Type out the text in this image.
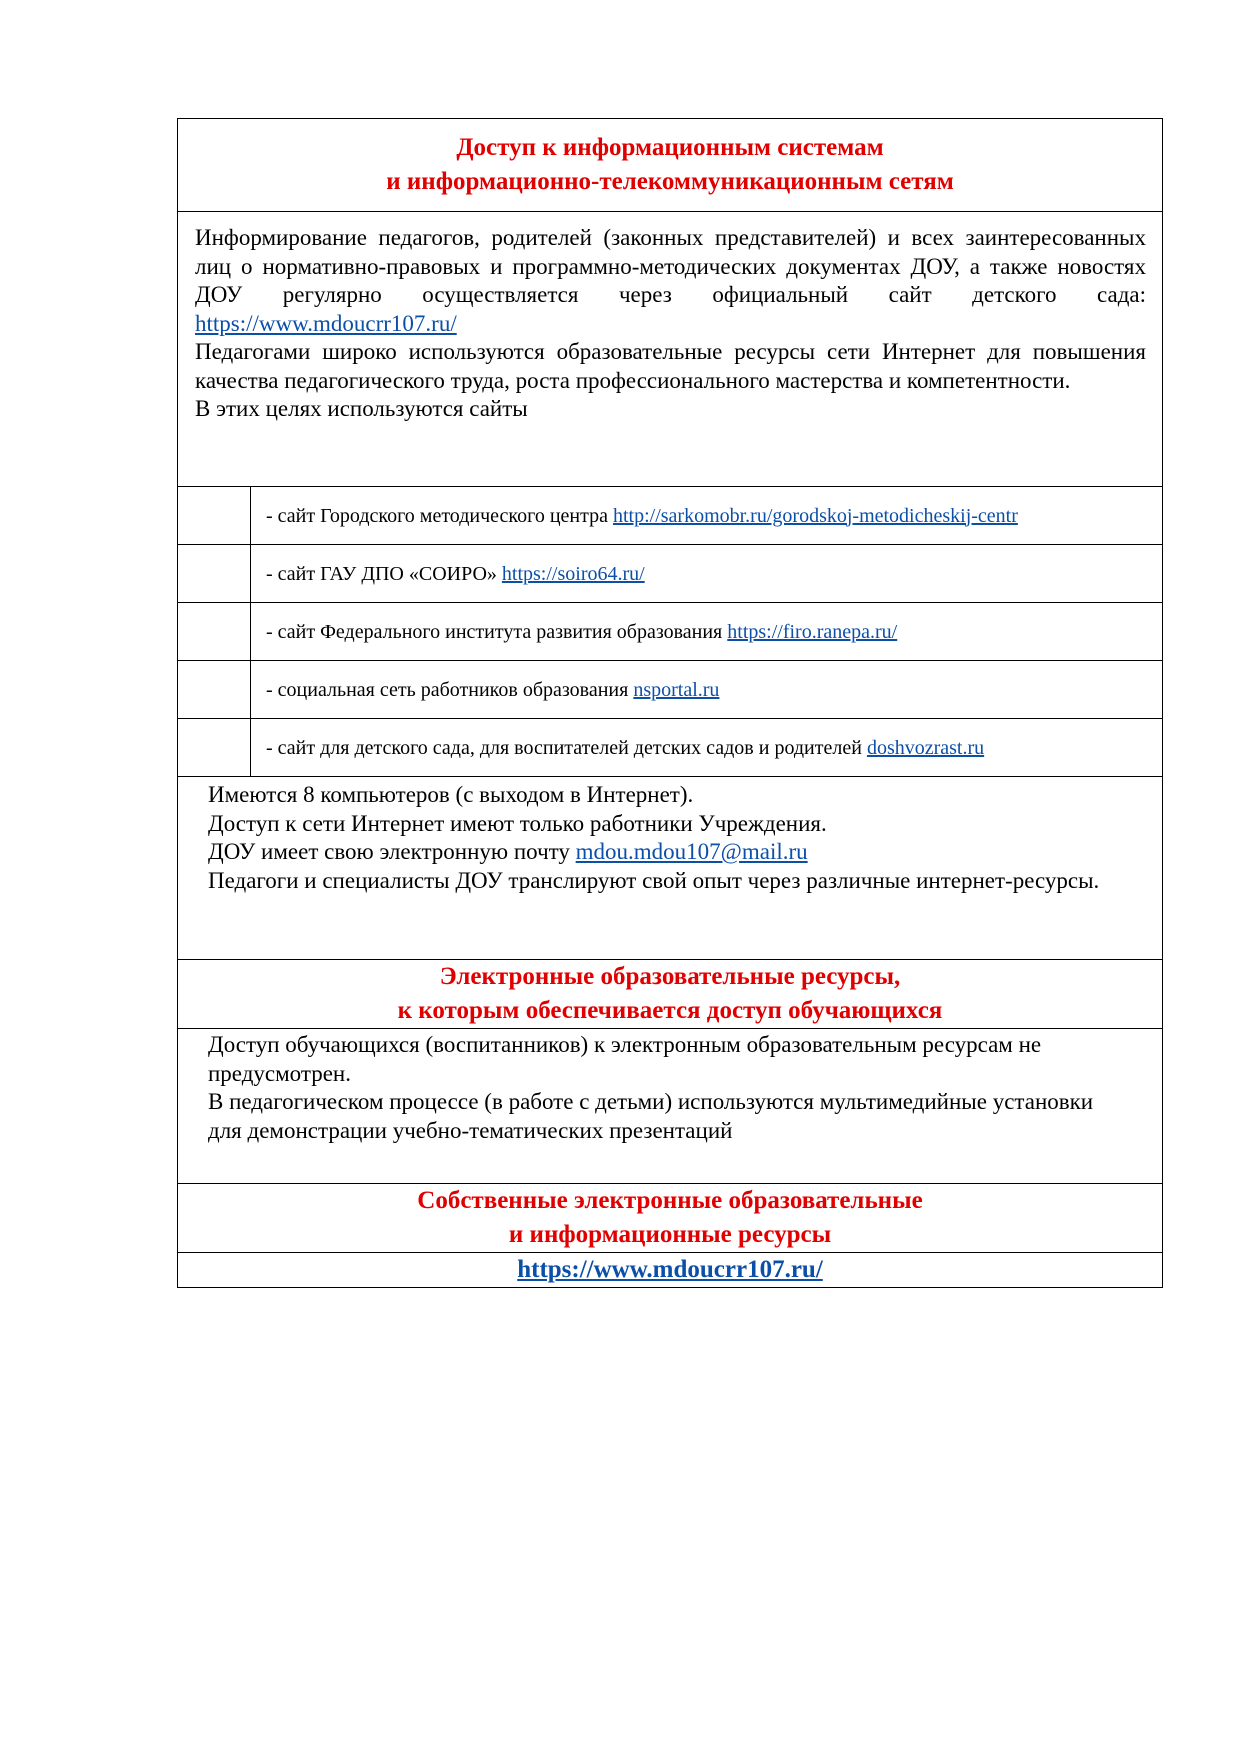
Доступ к информационным системам
и информационно-телекоммуникационным сетям	

Информирование педагогов, родителей (законных представителей) и всех заинтересованных лиц о нормативно-правовых и программно-методических документах ДОУ, а также новостях ДОУ регулярно осуществляется через официальный сайт детского сада: https://www.mdoucrr107.ru/

Педагогами широко используются образовательные ресурсы сети Интернет для повышения качества педагогического труда, роста профессионального мастерства и компетентности.

В этих целях используются сайты	

	- сайт Городского методического центра http://sarkomobr.ru/gorodskoj-metodicheskij-centr
	- сайт ГАУ ДПО «СОИРО» https://soiro64.ru/
	- сайт Федерального института развития образования https://firo.ranepa.ru/
	- социальная сеть работников образования nsportal.ru
	- сайт для детского сада, для воспитателей детских садов и родителей doshvozrast.ru

Имеются 8 компьютеров (с выходом в Интернет).

Доступ к сети Интернет имеют только работники Учреждения.

ДОУ имеет свою электронную почту mdou.mdou107@mail.ru

Педагоги и специалисты ДОУ транслируют свой опыт через различные интернет-ресурсы.	

Электронные образовательные ресурсы,
к которым обеспечивается доступ обучающихся	

Доступ обучающихся (воспитанников) к электронным образовательным ресурсам не предусмотрен.

В педагогическом процессе (в работе с детьми) используются мультимедийные установки для демонстрации учебно-тематических презентаций	

Собственные электронные образовательные
и информационные ресурсы	

https://www.mdoucrr107.ru/	
